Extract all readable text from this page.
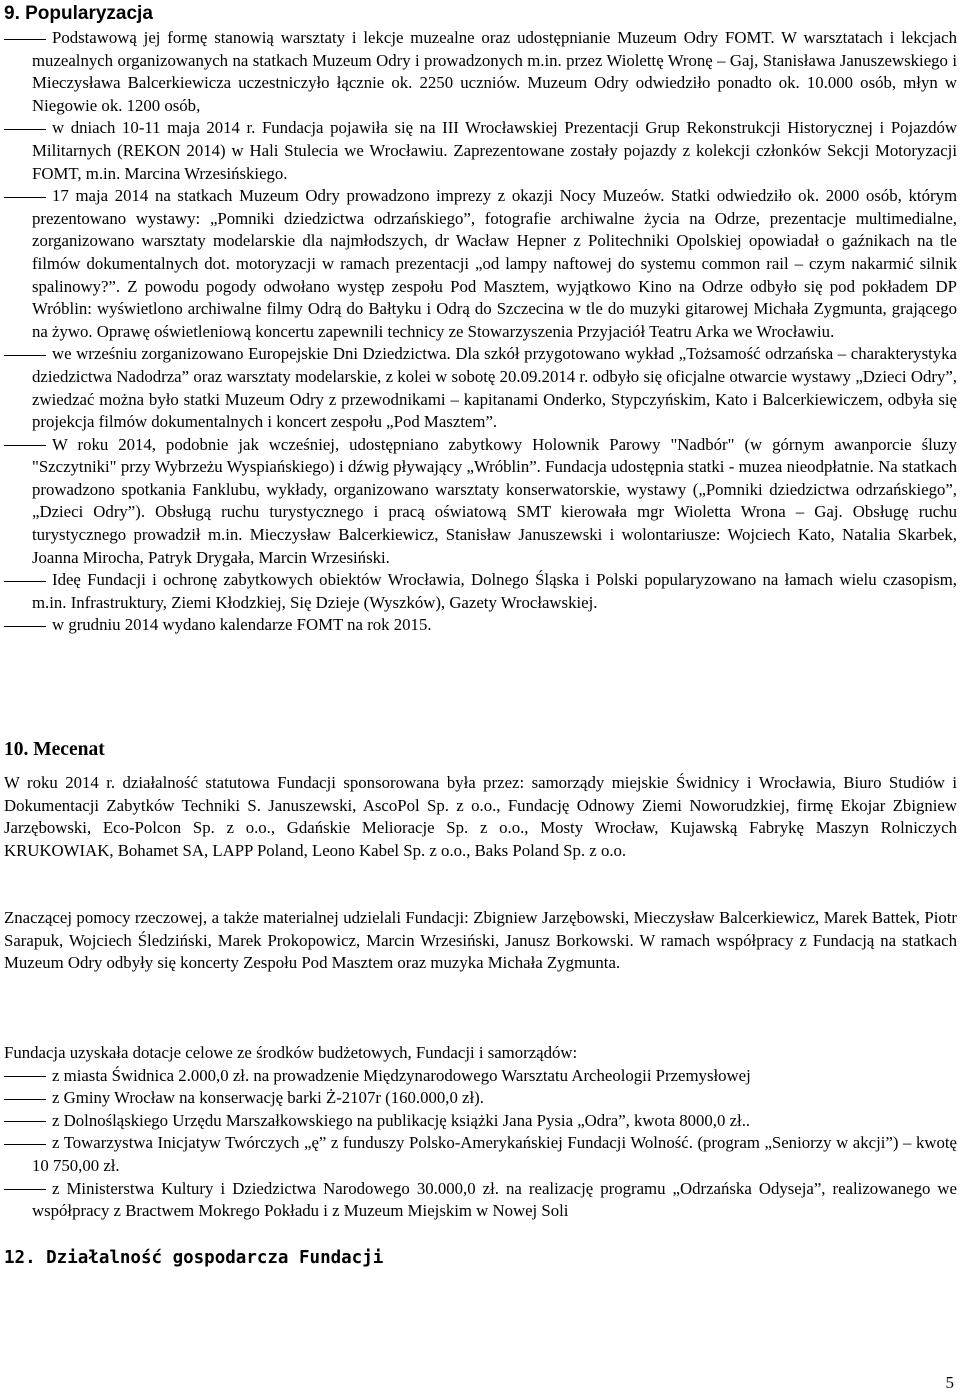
9. Popularyzacja

Podstawową jej formę stanowią warsztaty i lekcje muzealne oraz udostępnianie Muzeum Odry FOMT. W warsztatach i lekcjach muzealnych organizowanych na statkach Muzeum Odry i prowadzonych m.in. przez Wiolettę Wronę – Gaj, Stanisława Januszewskiego i Mieczysława Balcerkiewicza uczestniczyło łącznie ok. 2250 uczniów. Muzeum Odry odwiedziło ponadto ok. 10.000 osób, młyn w Niegowie ok. 1200 osób,

w dniach 10-11 maja 2014 r. Fundacja pojawiła się na III Wrocławskiej Prezentacji Grup Rekonstrukcji Historycznej i Pojazdów Militarnych (REKON 2014) w Hali Stulecia we Wrocławiu. Zaprezentowane zostały pojazdy z kolekcji członków Sekcji Motoryzacji FOMT, m.in. Marcina Wrzesińskiego.

17 maja 2014 na statkach Muzeum Odry prowadzono imprezy z okazji Nocy Muzeów. Statki odwiedziło ok. 2000 osób, którym prezentowano wystawy: „Pomniki dziedzictwa odrzańskiego”, fotografie archiwalne życia na Odrze, prezentacje multimedialne, zorganizowano warsztaty modelarskie dla najmłodszych, dr Wacław Hepner z Politechniki Opolskiej opowiadał o gaźnikach na tle filmów dokumentalnych dot. motoryzacji w ramach prezentacji „od lampy naftowej do systemu common rail – czym nakarmić silnik spalinowy?”. Z powodu pogody odwołano występ zespołu Pod Masztem, wyjątkowo Kino na Odrze odbyło się pod pokładem DP Wróblin: wyświetlono archiwalne filmy Odrą do Bałtyku i Odrą do Szczecina w tle do muzyki gitarowej Michała Zygmunta, grającego na żywo. Oprawę oświetleniową koncertu zapewnili technicy ze Stowarzyszenia Przyjaciół Teatru Arka we Wrocławiu.

we wrześniu zorganizowano Europejskie Dni Dziedzictwa. Dla szkół przygotowano wykład „Tożsamość odrzańska – charakterystyka dziedzictwa Nadodrza” oraz warsztaty modelarskie, z kolei w sobotę 20.09.2014 r. odbyło się oficjalne otwarcie wystawy „Dzieci Odry”, zwiedzać można było statki Muzeum Odry z przewodnikami – kapitanami Onderko, Stypczyńskim, Kato i Balcerkiewiczem, odbyła się projekcja filmów dokumentalnych i koncert zespołu „Pod Masztem”.

W roku 2014, podobnie jak wcześniej, udostępniano zabytkowy Holownik Parowy "Nadbór" (w górnym awanporcie śluzy "Szczytniki" przy Wybrzeżu Wyspiańskiego) i dźwig pływający „Wróblin”. Fundacja udostępnia statki - muzea nieodpłatnie. Na statkach prowadzono spotkania Fanklubu, wykłady, organizowano warsztaty konserwatorskie, wystawy („Pomniki dziedzictwa odrzańskiego”, „Dzieci Odry”). Obsługą ruchu turystycznego i pracą oświatową SMT kierowała mgr Wioletta Wrona – Gaj. Obsługę ruchu turystycznego prowadził m.in. Mieczysław Balcerkiewicz, Stanisław Januszewski i wolontariusze: Wojciech Kato, Natalia Skarbek, Joanna Mirocha, Patryk Drygała, Marcin Wrzesiński.

Ideę Fundacji i ochronę zabytkowych obiektów Wrocławia, Dolnego Śląska i Polski popularyzowano na łamach wielu czasopism, m.in. Infrastruktury, Ziemi Kłodzkiej, Się Dzieje (Wyszków), Gazety Wrocławskiej.

w grudniu 2014 wydano kalendarze FOMT na rok 2015.

10. Mecenat

W roku 2014 r. działalność statutowa Fundacji sponsorowana była przez: samorządy miejskie Świdnicy i Wrocławia, Biuro Studiów i Dokumentacji Zabytków Techniki S. Januszewski, AscoPol Sp. z o.o., Fundację Odnowy Ziemi Noworudzkiej, firmę Ekojar Zbigniew Jarzębowski, Eco-Polcon Sp. z o.o., Gdańskie Melioracje Sp. z o.o., Mosty Wrocław, Kujawską Fabrykę Maszyn Rolniczych KRUKOWIAK, Bohamet SA, LAPP Poland, Leono Kabel Sp. z o.o., Baks Poland Sp. z o.o.

Znaczącej pomocy rzeczowej, a także materialnej udzielali Fundacji: Zbigniew Jarzębowski, Mieczysław Balcerkiewicz, Marek Battek, Piotr Sarapuk, Wojciech Śledziński, Marek Prokopowicz, Marcin Wrzesiński, Janusz Borkowski. W ramach współpracy z Fundacją na statkach Muzeum Odry odbyły się koncerty Zespołu Pod Masztem oraz muzyka Michała Zygmunta.

Fundacja uzyskała dotacje celowe ze środków budżetowych, Fundacji i samorządów:

z miasta Świdnica 2.000,0 zł. na prowadzenie Międzynarodowego Warsztatu Archeologii Przemysłowej

z Gminy Wrocław na konserwację barki Ż-2107r (160.000,0 zł).

z Dolnośląskiego Urzędu Marszałkowskiego na publikację książki Jana Pysia „Odra”, kwota 8000,0 zł..

z Towarzystwa Inicjatyw Twórczych „ę” z funduszy Polsko-Amerykańskiej Fundacji Wolność. (program „Seniorzy w akcji”) – kwotę 10 750,00 zł.

z Ministerstwa Kultury i Dziedzictwa Narodowego 30.000,0 zł. na realizację programu „Odrzańska Odyseja”, realizowanego we współpracy z Bractwem Mokrego Pokładu i z Muzeum Miejskim w Nowej Soli

12. Działalność gospodarcza Fundacji
5
